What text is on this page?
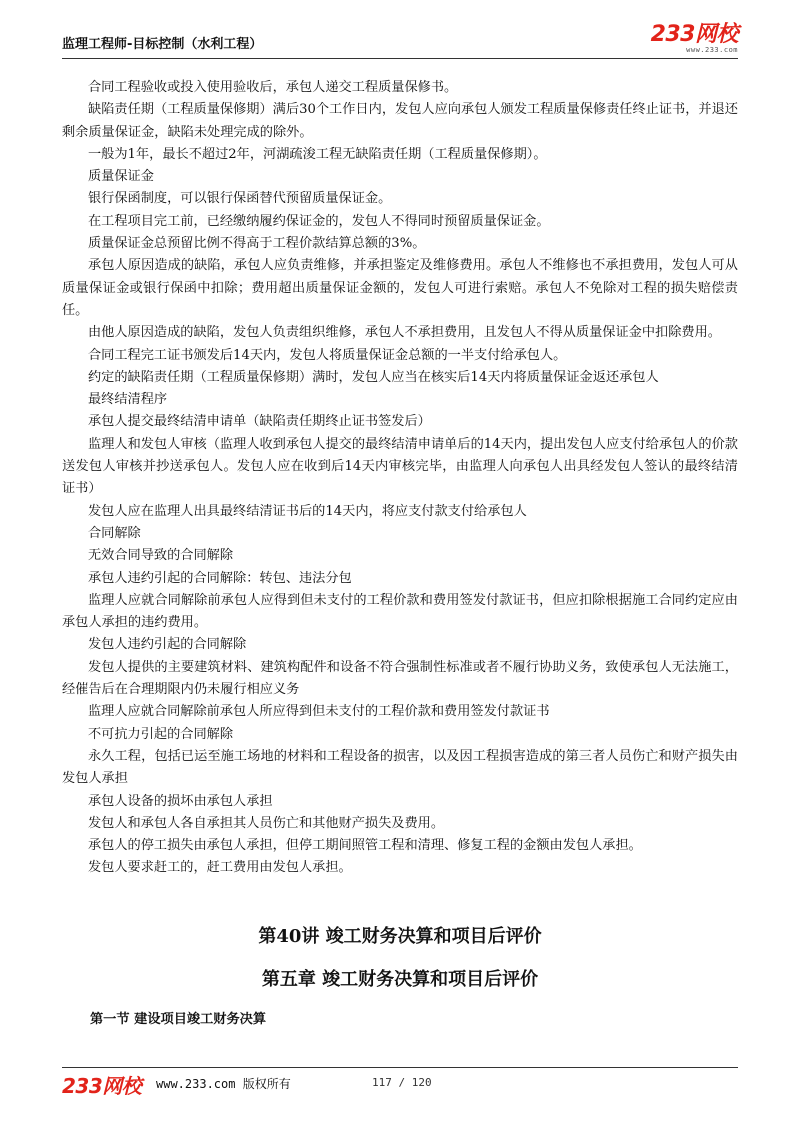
监理工程师-目标控制（水利工程）	233网校
www.233.com

合同工程验收或投入使用验收后，承包人递交工程质量保修书。

缺陷责任期（工程质量保修期）满后30个工作日内，发包人应向承包人颁发工程质量保修责任终止证书，并退还剩余质量保证金，缺陷未处理完成的除外。

一般为1年，最长不超过2年，河湖疏浚工程无缺陷责任期（工程质量保修期）。

质量保证金

银行保函制度，可以银行保函替代预留质量保证金。

在工程项目完工前，已经缴纳履约保证金的，发包人不得同时预留质量保证金。

质量保证金总预留比例不得高于工程价款结算总额的3%。

承包人原因造成的缺陷，承包人应负责维修，并承担鉴定及维修费用。承包人不维修也不承担费用，发包人可从质量保证金或银行保函中扣除；费用超出质量保证金额的，发包人可进行索赔。承包人不免除对工程的损失赔偿责任。

由他人原因造成的缺陷，发包人负责组织维修，承包人不承担费用，且发包人不得从质量保证金中扣除费用。

合同工程完工证书颁发后14天内，发包人将质量保证金总额的一半支付给承包人。

约定的缺陷责任期（工程质量保修期）满时，发包人应当在核实后14天内将质量保证金返还承包人

最终结清程序

承包人提交最终结清申请单（缺陷责任期终止证书签发后）

监理人和发包人审核（监理人收到承包人提交的最终结清申请单后的14天内，提出发包人应支付给承包人的价款送发包人审核并抄送承包人。发包人应在收到后14天内审核完毕，由监理人向承包人出具经发包人签认的最终结清证书）

发包人应在监理人出具最终结清证书后的14天内，将应支付款支付给承包人

合同解除

无效合同导致的合同解除

承包人违约引起的合同解除：转包、违法分包

监理人应就合同解除前承包人应得到但未支付的工程价款和费用签发付款证书，但应扣除根据施工合同约定应由承包人承担的违约费用。

发包人违约引起的合同解除

发包人提供的主要建筑材料、建筑构配件和设备不符合强制性标准或者不履行协助义务，致使承包人无法施工，经催告后在合理期限内仍未履行相应义务

监理人应就合同解除前承包人所应得到但未支付的工程价款和费用签发付款证书

不可抗力引起的合同解除

永久工程，包括已运至施工场地的材料和工程设备的损害，以及因工程损害造成的第三者人员伤亡和财产损失由发包人承担

承包人设备的损坏由承包人承担

发包人和承包人各自承担其人员伤亡和其他财产损失及费用。

承包人的停工损失由承包人承担，但停工期间照管工程和清理、修复工程的金额由发包人承担。

发包人要求赶工的，赶工费用由发包人承担。

第40讲 竣工财务决算和项目后评价
第五章 竣工财务决算和项目后评价
第一节 建设项目竣工财务决算
233网校 www.233.com 版权所有	117 / 120
